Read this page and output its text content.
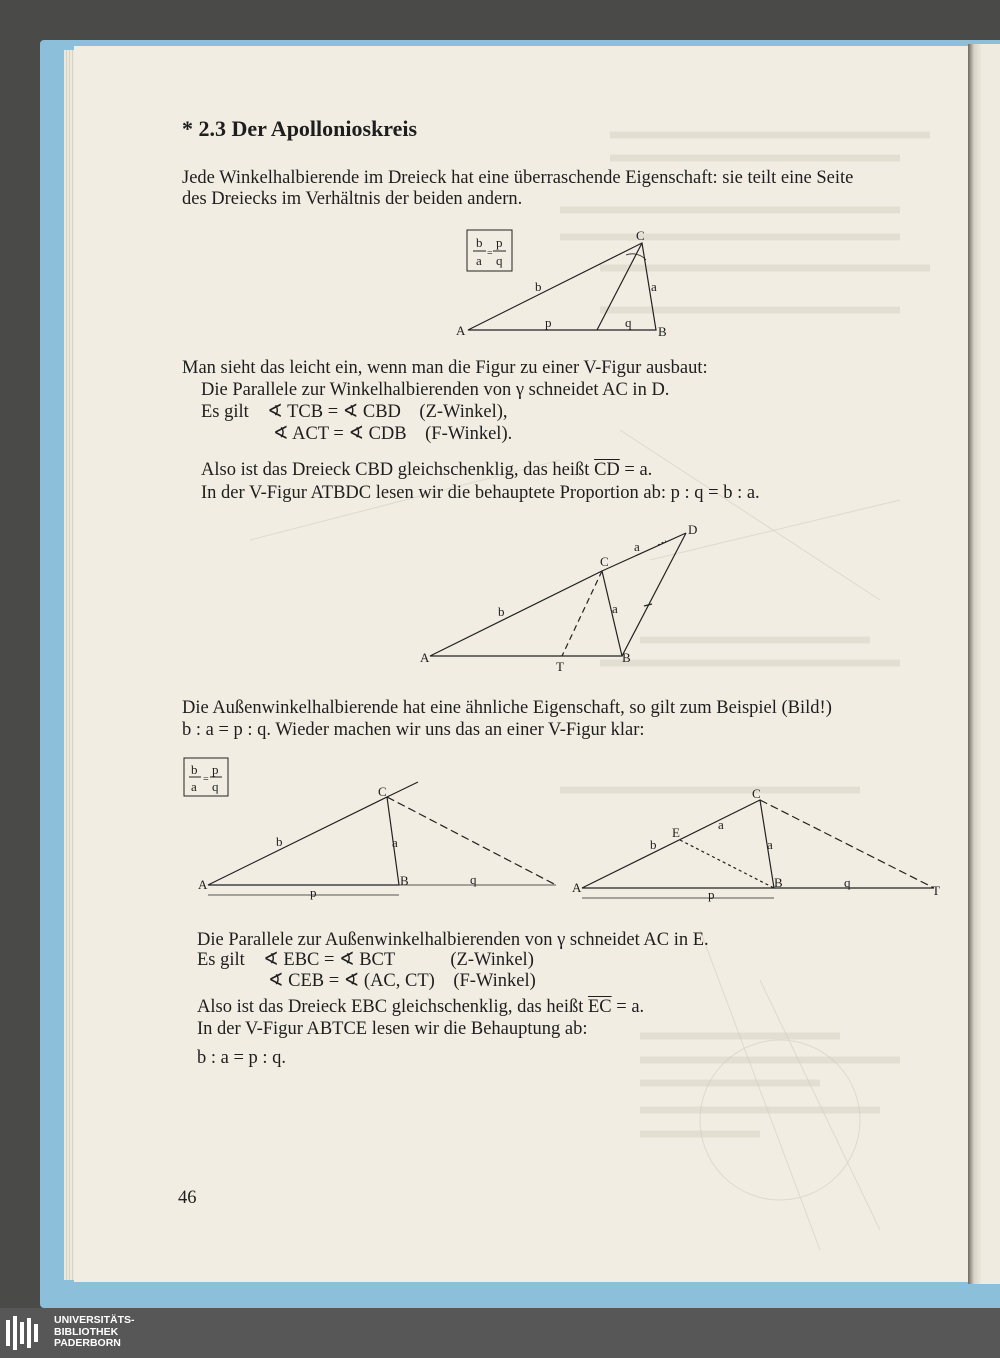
* 2.3 Der Apollonioskreis
Jede Winkelhalbierende im Dreieck hat eine überraschende Eigenschaft: sie teilt eine Seite
des Dreiecks im Verhältnis der beiden andern.
b
a =
p
q
A	B
C
b	a
p	q
Man sieht das leicht ein, wenn man die Figur zu einer V-Figur ausbaut:
Die Parallele zur Winkelhalbierenden von γ schneidet AC in D.
Es gilt    ∢ TCB = ∢ CBD    (Z-Winkel),
∢ ACT = ∢ CDB    (F-Winkel).
Also ist das Dreieck CBD gleichschenklig, das heißt $\overline{CD} = a$.
In der V-Figur ATBDC lesen wir die behauptete Proportion ab: p : q = b : a.
D
C
A	B
T
b	a
a
Die Außenwinkelhalbierende hat eine ähnliche Eigenschaft, so gilt zum Beispiel (Bild!)
b : a = p : q. Wieder machen wir uns das an einer V-Figur klar:
b
a =
p
q
A	B
C
b	a
p
q
A	B
C
E
T
b
a
a
p
q
Die Parallele zur Außenwinkelhalbierenden von γ schneidet AC in E.
Es gilt    ∢ EBC = ∢ BCT            (Z-Winkel)
∢ CEB = ∢ (AC, CT)    (F-Winkel)
Also ist das Dreieck EBC gleichschenklig, das heißt $\overline{EC} = a$.
In der V-Figur ABTCE lesen wir die Behauptung ab:
b : a = p : q.
46
UNIVERSITÄTS-
BIBLIOTHEK
PADERBORN
